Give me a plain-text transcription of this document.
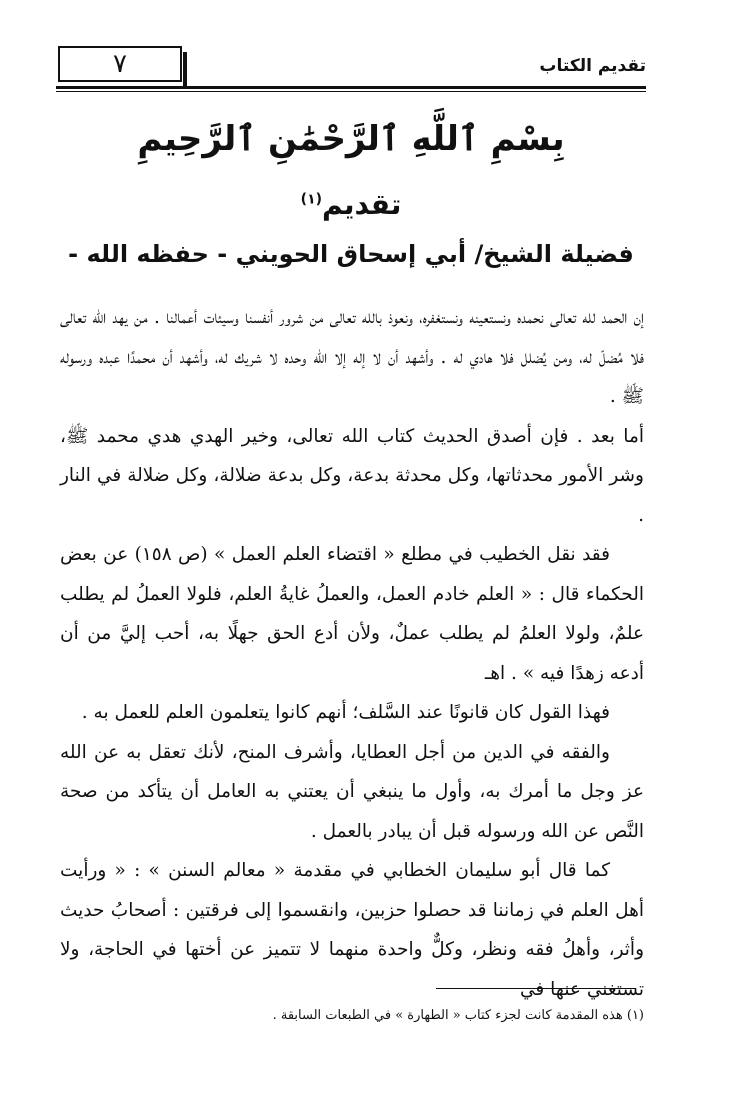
٧	تقديم الكتاب
بِسْمِ ٱللَّهِ ٱلرَّحْمَٰنِ ٱلرَّحِيمِ
تقديم$^{(١)}$
فضيلة الشيخ/ أبي إسحاق الحويني - حفظه الله -

إن الحمد لله تعالى نحمده ونستعينه ونستغفره، ونعوذ بالله تعالى من شرور أنفسنا وسيئات أعمالنا . من يهد الله تعالى فلا مُضلّ له، ومن يُضلل فلا هادي له . وأشهد أن لا إله إلا الله وحده لا شريك له، وأشهد أن محمدًا عبده ورسوله ﷺ .

أما بعد . فإن أصدق الحديث كتاب الله تعالى، وخير الهدي هدي محمد ﷺ، وشر الأمور محدثاتها، وكل محدثة بدعة، وكل بدعة ضلالة، وكل ضلالة في النار .

فقد نقل الخطيب في مطلع « اقتضاء العلم العمل » (ص ١٥٨) عن بعض الحكماء قال : « العلم خادم العمل، والعملُ غايةُ العلم، فلولا العملُ لم يطلب علمٌ، ولولا العلمُ لم يطلب عملٌ، ولأن أدع الحق جهلًا به، أحب إليَّ من أن أدعه زهدًا فيه » . اهـ

فهذا القول كان قانونًا عند السَّلف؛ أنهم كانوا يتعلمون العلم للعمل به .

والفقه في الدين من أجل العطايا، وأشرف المنح، لأنك تعقل به عن الله عز وجل ما أمرك به، وأول ما ينبغي أن يعتني به العامل أن يتأكد من صحة النَّص عن الله ورسوله قبل أن يبادر بالعمل .

كما قال أبو سليمان الخطابي في مقدمة « معالم السنن » : « ورأيت أهل العلم في زماننا قد حصلوا حزبين، وانقسموا إلى فرقتين : أصحابُ حديث وأثر، وأهلُ فقه ونظر، وكلٌّ واحدة منهما لا تتميز عن أختها في الحاجة، ولا تستغني عنها في

(١) هذه المقدمة كانت لجزء كتاب « الطهارة » في الطبعات السابقة .
